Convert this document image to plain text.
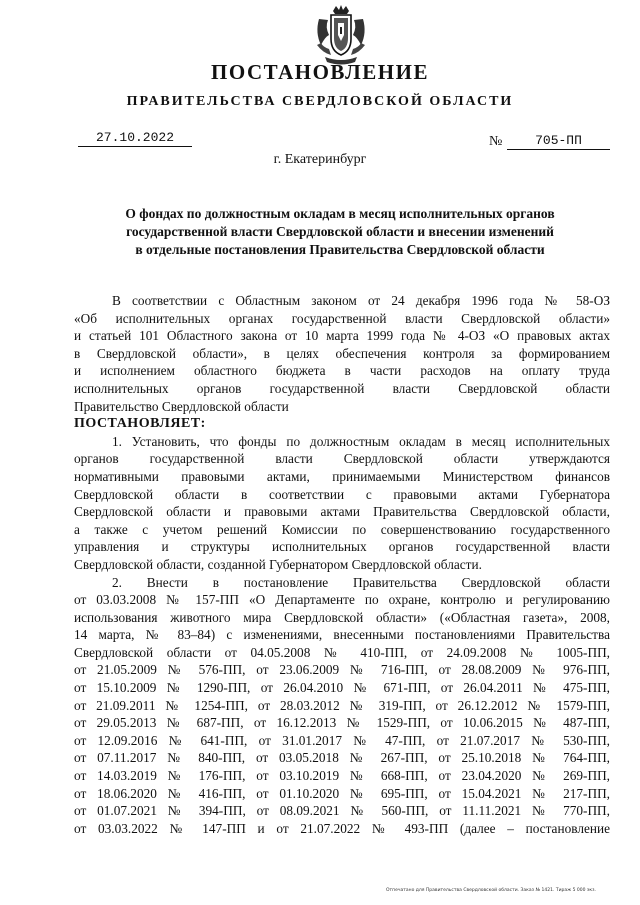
ПОСТАНОВЛЕНИЕ
ПРАВИТЕЛЬСТВА СВЕРДЛОВСКОЙ ОБЛАСТИ
27.10.2022	№	705-ПП
г. Екатеринбург
О фондах по должностным окладам в месяц исполнительных органов
государственной власти Свердловской области и внесении изменений
в отдельные постановления Правительства Свердловской области
В соответствии с Областным законом от 24 декабря 1996 года № 58-ОЗ
«Об исполнительных органах государственной власти Свердловской области»
и статьей 101 Областного закона от 10 марта 1999 года № 4-ОЗ «О правовых актах
в Свердловской области», в целях обеспечения контроля за формированием
и исполнением областного бюджета в части расходов на оплату труда
исполнительных органов государственной власти Свердловской области
Правительство Свердловской области
ПОСТАНОВЛЯЕТ:
1. Установить, что фонды по должностным окладам в месяц исполнительных
органов государственной власти Свердловской области утверждаются
нормативными правовыми актами, принимаемыми Министерством финансов
Свердловской области в соответствии с правовыми актами Губернатора
Свердловской области и правовыми актами Правительства Свердловской области,
а также с учетом решений Комиссии по совершенствованию государственного
управления и структуры исполнительных органов государственной власти
Свердловской области, созданной Губернатором Свердловской области.
2. Внести в постановление Правительства Свердловской области
от 03.03.2008 № 157-ПП «О Департаменте по охране, контролю и регулированию
использования животного мира Свердловской области» («Областная газета», 2008,
14 марта, № 83–84) с изменениями, внесенными постановлениями Правительства
Свердловской области от 04.05.2008 № 410-ПП, от 24.09.2008 № 1005-ПП,
от 21.05.2009 № 576-ПП, от 23.06.2009 № 716-ПП, от 28.08.2009 № 976-ПП,
от 15.10.2009 № 1290-ПП, от 26.04.2010 № 671-ПП, от 26.04.2011 № 475-ПП,
от 21.09.2011 № 1254-ПП, от 28.03.2012 № 319-ПП, от 26.12.2012 № 1579-ПП,
от 29.05.2013 № 687-ПП, от 16.12.2013 № 1529-ПП, от 10.06.2015 № 487-ПП,
от 12.09.2016 № 641-ПП, от 31.01.2017 № 47-ПП, от 21.07.2017 № 530-ПП,
от 07.11.2017 № 840-ПП, от 03.05.2018 № 267-ПП, от 25.10.2018 № 764-ПП,
от 14.03.2019 № 176-ПП, от 03.10.2019 № 668-ПП, от 23.04.2020 № 269-ПП,
от 18.06.2020 № 416-ПП, от 01.10.2020 № 695-ПП, от 15.04.2021 № 217-ПП,
от 01.07.2021 № 394-ПП, от 08.09.2021 № 560-ПП, от 11.11.2021 № 770-ПП,
от 03.03.2022 № 147-ПП и от 21.07.2022 № 493-ПП (далее – постановление
Отпечатано для Правительства Свердловской области. Заказ № 1421. Тираж 5 000 экз.
